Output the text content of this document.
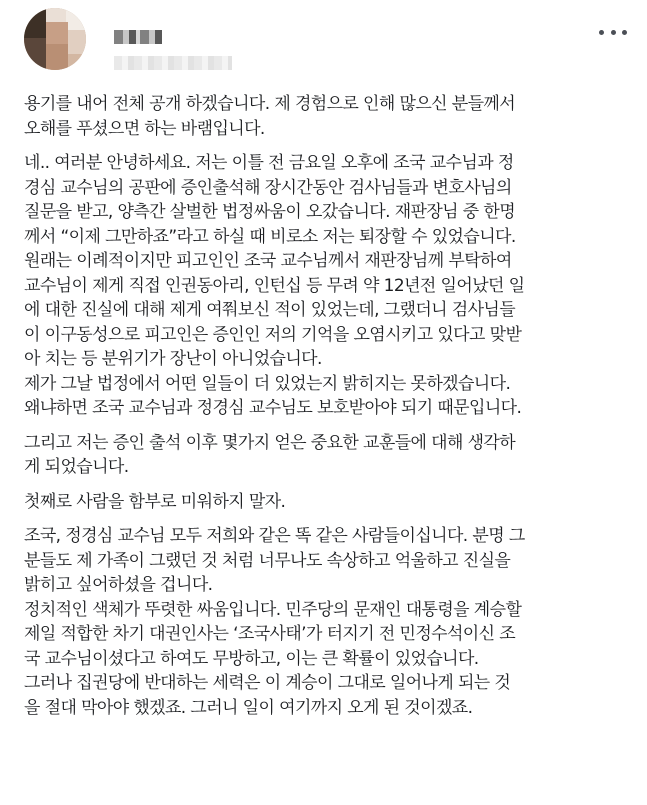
용기를 내어 전체 공개 하겠습니다. 제 경험으로 인해 많으신 분들께서
오해를 푸셨으면 하는 바램입니다.

네.. 여러분 안녕하세요. 저는 이틀 전 금요일 오후에 조국 교수님과 정
경심 교수님의 공판에 증인출석해 장시간동안 검사님들과 변호사님의
질문을 받고, 양측간 살벌한 법정싸움이 오갔습니다. 재판장님 중 한명
께서 “이제 그만하죠”라고 하실 때 비로소 저는 퇴장할 수 있었습니다.
원래는 이례적이지만 피고인인 조국 교수님께서 재판장님께 부탁하여
교수님이 제게 직접 인권동아리, 인턴십 등 무려 약 12년전 일어났던 일
에 대한 진실에 대해 제게 여쭤보신 적이 있었는데, 그랬더니 검사님들
이 이구동성으로 피고인은 증인인 저의 기억을 오염시키고 있다고 맞받
아 치는 등 분위기가 장난이 아니었습니다.

제가 그날 법정에서 어떤 일들이 더 있었는지 밝히지는 못하겠습니다.
왜냐하면 조국 교수님과 정경심 교수님도 보호받아야 되기 때문입니다.

그리고 저는 증인 출석 이후 몇가지 얻은 중요한 교훈들에 대해 생각하
게 되었습니다.

첫째로 사람을 함부로 미워하지 말자.

조국, 정경심 교수님 모두 저희와 같은 똑 같은 사람들이십니다. 분명 그
분들도 제 가족이 그랬던 것 처럼 너무나도 속상하고 억울하고 진실을
밝히고 싶어하셨을 겁니다.

정치적인 색체가 뚜렷한 싸움입니다. 민주당의 문재인 대통령을 계승할
제일 적합한 차기 대권인사는 ‘조국사태’가 터지기 전 민정수석이신 조
국 교수님이셨다고 하여도 무방하고, 이는 큰 확률이 있었습니다.

그러나 집권당에 반대하는 세력은 이 계승이 그대로 일어나게 되는 것
을 절대 막아야 했겠죠. 그러니 일이 여기까지 오게 된 것이겠죠.
